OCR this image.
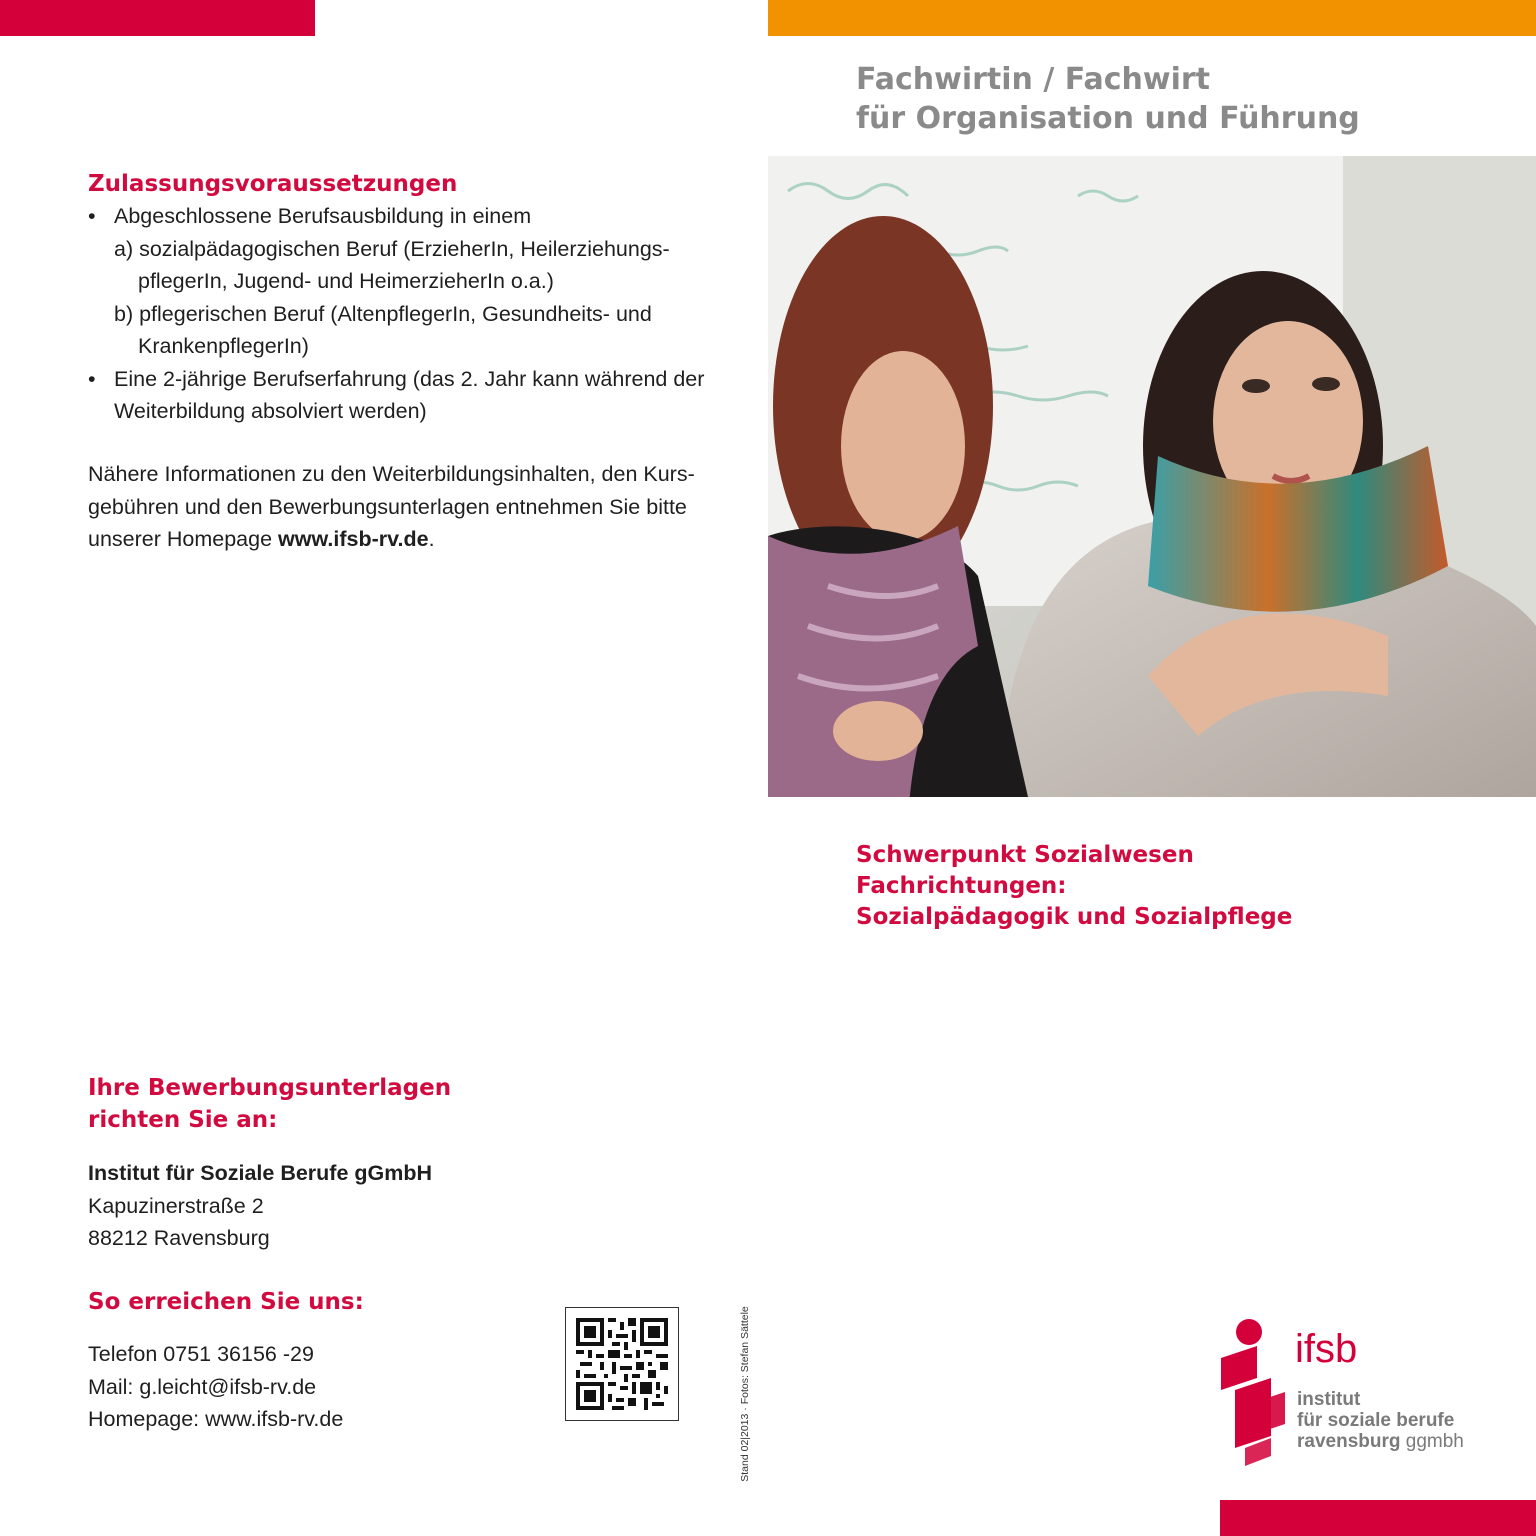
Zulassungsvoraussetzungen
• Abgeschlossene Berufsausbildung in einem
a) sozialpädagogischen Beruf (ErzieherIn, Heilerziehungs-pflegerIn, Jugend- und HeimerzieherIn o.a.)
b) pflegerischen Beruf (AltenpflegerIn, Gesundheits- und KrankenpflegerIn)
• Eine 2-jährige Berufserfahrung (das 2. Jahr kann während der Weiterbildung absolviert werden)

Nähere Informationen zu den Weiterbildungsinhalten, den Kurs-gebühren und den Bewerbungsunterlagen entnehmen Sie bitte unserer Homepage www.ifsb-rv.de.

Ihre Bewerbungsunterlagen
richten Sie an:
Institut für Soziale Berufe gGmbH
Kapuzinerstraße 2
88212 Ravensburg
So erreichen Sie uns:
Telefon 0751 36156 -29
Mail: g.leicht@ifsb-rv.de
Homepage: www.ifsb-rv.de	Stand 02|2013 · Fotos: Stefan Sättele
Fachwirtin / Fachwirt
für Organisation und Führung
Schwerpunkt Sozialwesen
Fachrichtungen:
Sozialpädagogik und Sozialpflege
ifsb
institut
für soziale berufe
ravensburg ggmbh
